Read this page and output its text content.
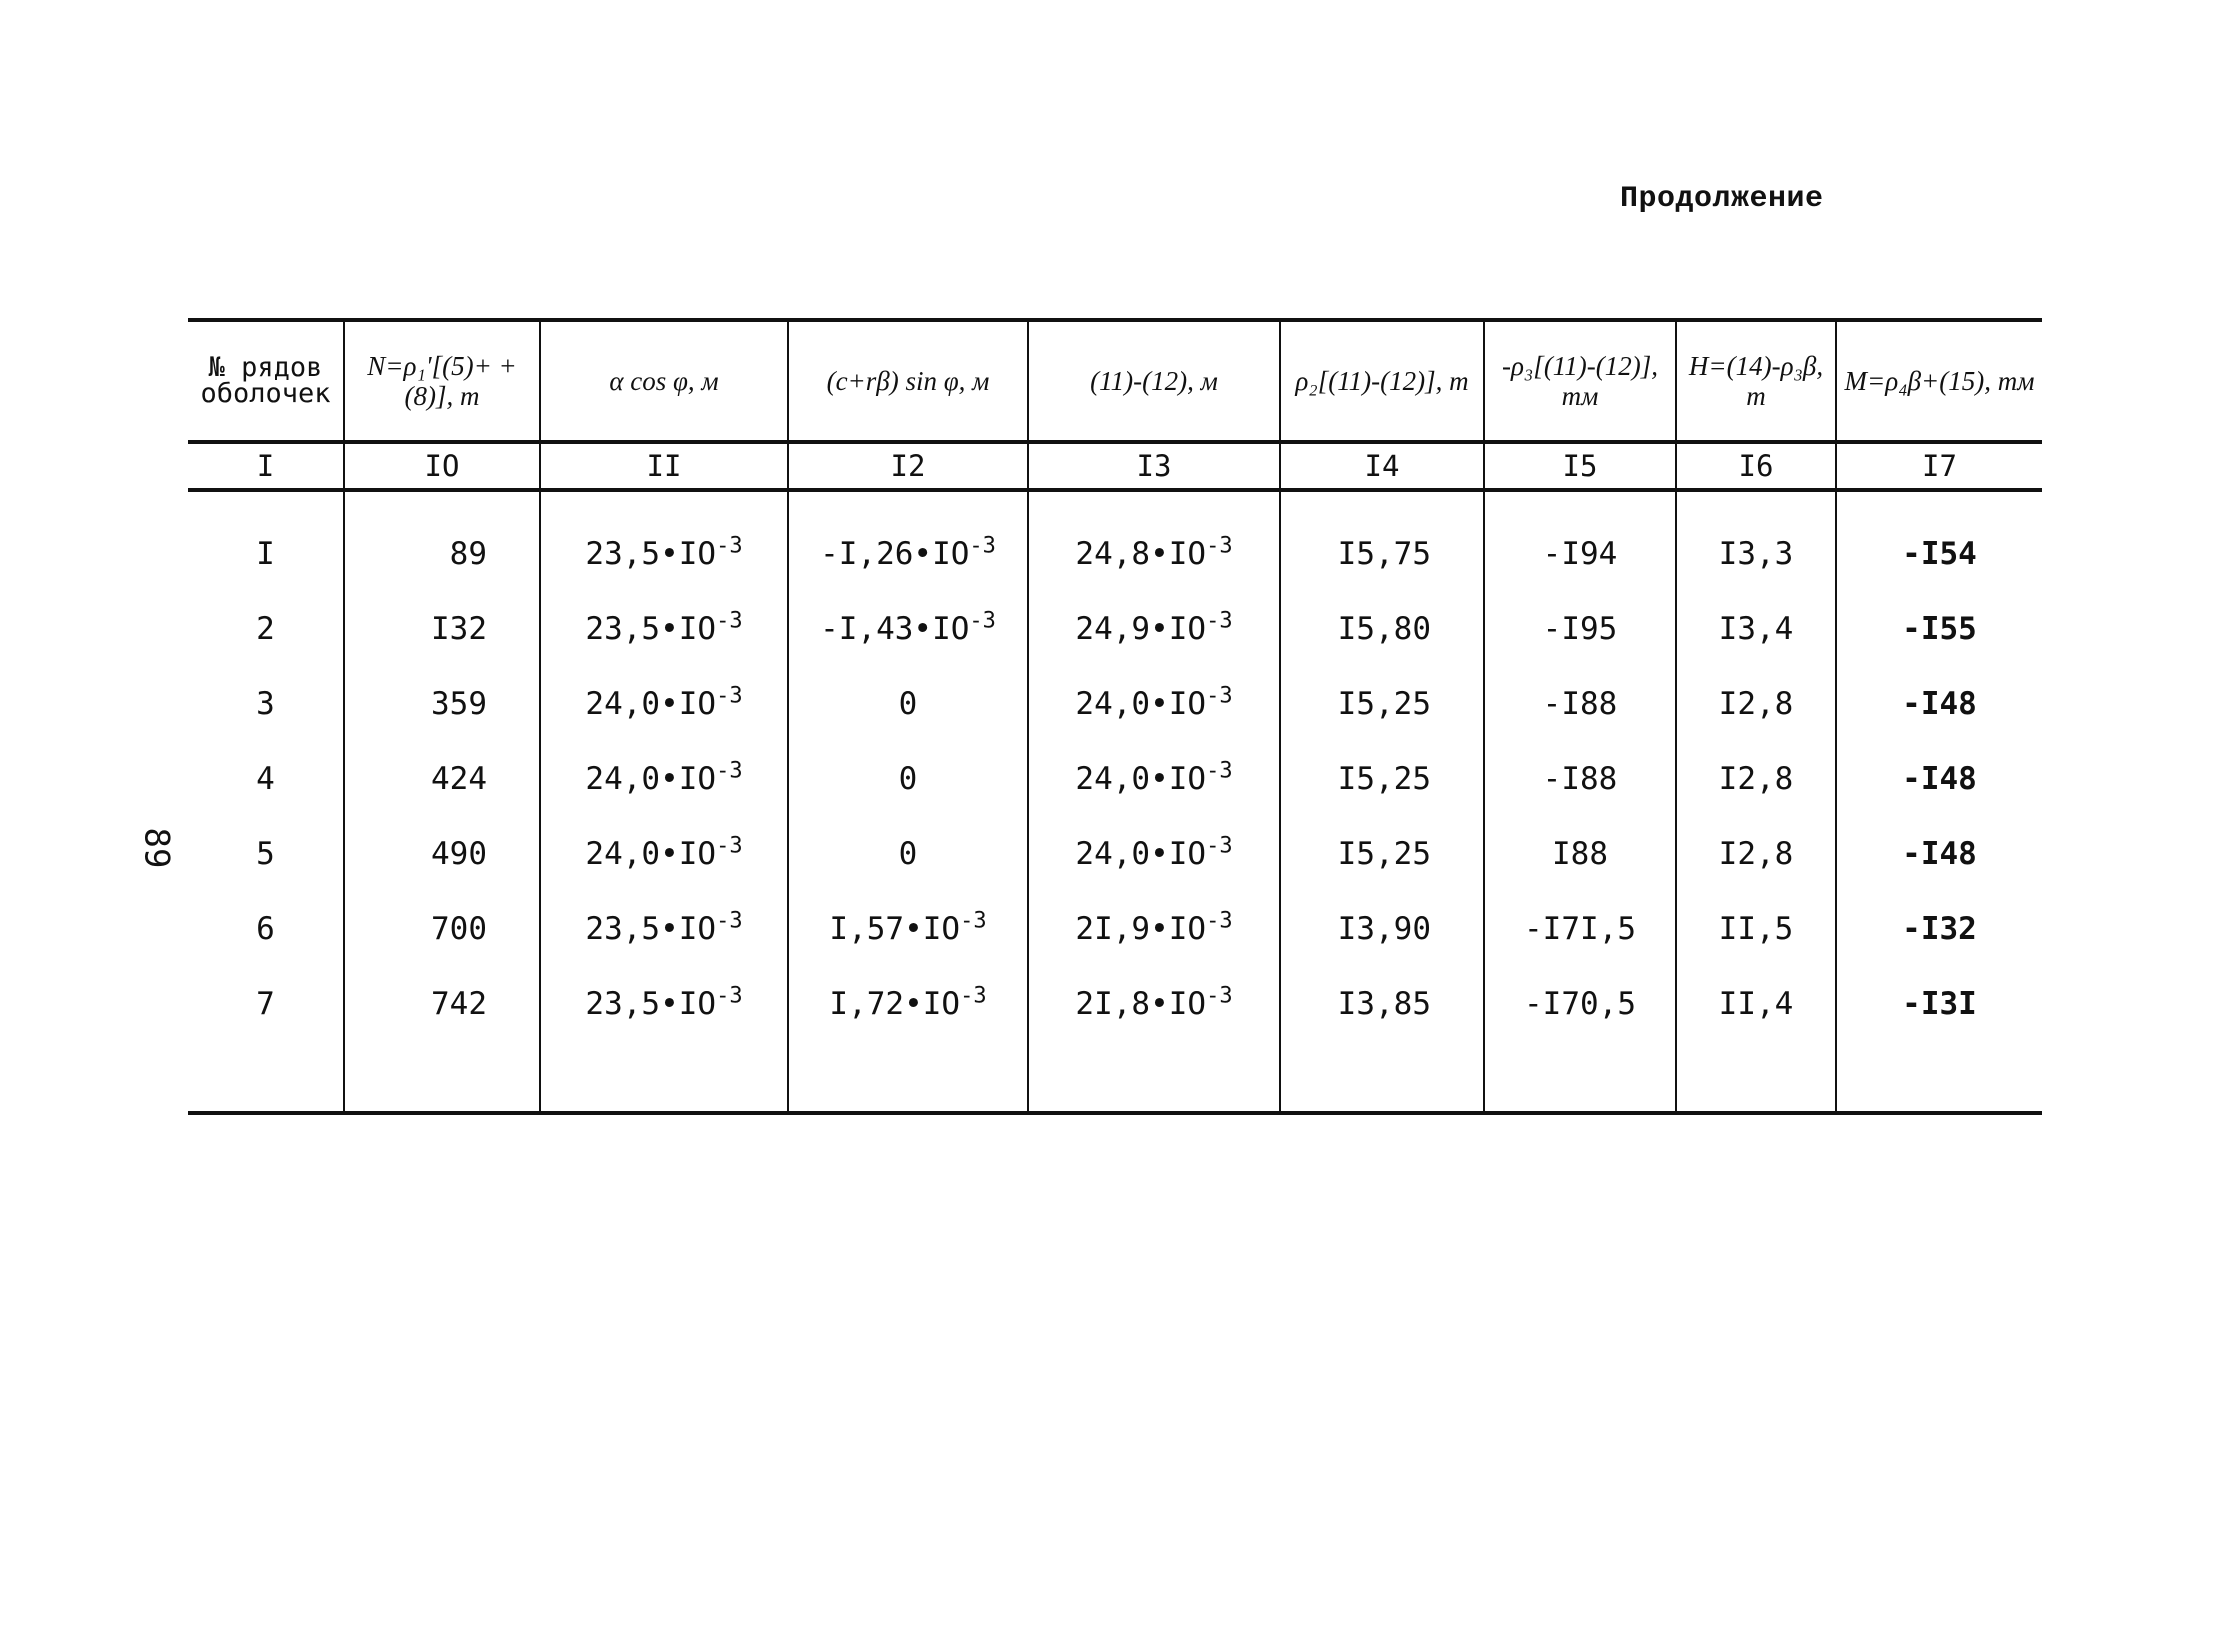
Продолжение
89
№ рядов оболочек	N=ρ₁'[(5)+ +(8)], т	α cos φ, м	(c+rβ) sin φ, м	(11)-(12), м	ρ₂[(11)-(12)], т	-ρ₃[(11)-(12)], тм	H=(14)-ρ₃β, т	M=ρ₄β+(15), тм
I	IO	II	I2	I3	I4	I5	I6	I7
I	89	$23,5•IO^{-3}$	$-I,26•IO^{-3}$	$24,8•IO^{-3}$	I5,75	-I94	I3,3	-I54
2	I32	$23,5•IO^{-3}$	$-I,43•IO^{-3}$	$24,9•IO^{-3}$	I5,80	-I95	I3,4	-I55
3	359	$24,0•IO^{-3}$	0	$24,0•IO^{-3}$	I5,25	-I88	I2,8	-I48
4	424	$24,0•IO^{-3}$	0	$24,0•IO^{-3}$	I5,25	-I88	I2,8	-I48
5	490	$24,0•IO^{-3}$	0	$24,0•IO^{-3}$	I5,25	I88	I2,8	-I48
6	700	$23,5•IO^{-3}$	$I,57•IO^{-3}$	$2I,9•IO^{-3}$	I3,90	-I7I,5	II,5	-I32
7	742	$23,5•IO^{-3}$	$I,72•IO^{-3}$	$2I,8•IO^{-3}$	I3,85	-I70,5	II,4	-I3I
